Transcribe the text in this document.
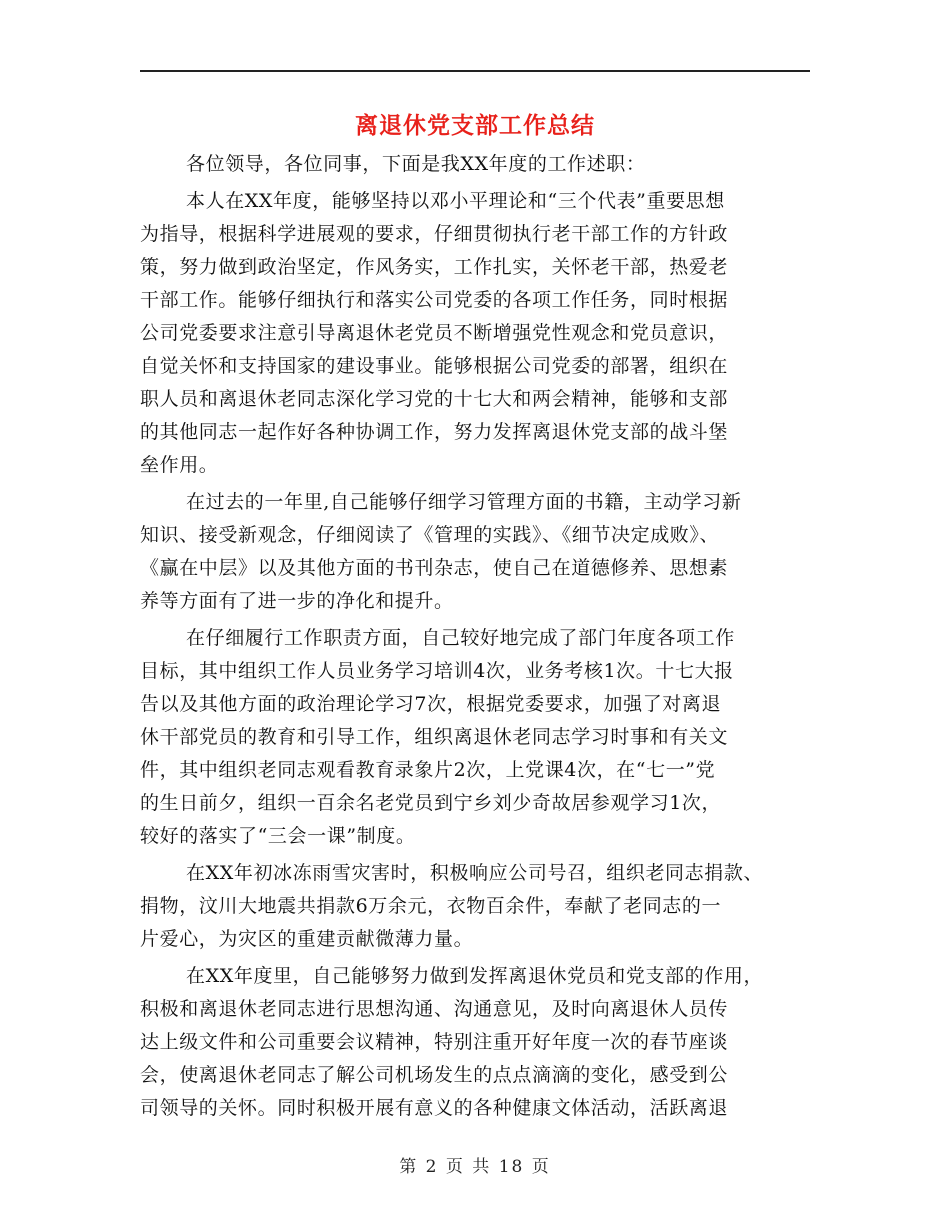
离退休党支部工作总结
各位领导，各位同事，下面是我XX年度的工作述职：
本人在XX年度，能够坚持以邓小平理论和“三个代表”重要思想
为指导，根据科学进展观的要求，仔细贯彻执行老干部工作的方针政
策，努力做到政治坚定，作风务实，工作扎实，关怀老干部，热爱老
干部工作。能够仔细执行和落实公司党委的各项工作任务，同时根据
公司党委要求注意引导离退休老党员不断增强党性观念和党员意识，
自觉关怀和支持国家的建设事业。能够根据公司党委的部署，组织在
职人员和离退休老同志深化学习党的十七大和两会精神，能够和支部
的其他同志一起作好各种协调工作，努力发挥离退休党支部的战斗堡
垒作用。
在过去的一年里,自己能够仔细学习管理方面的书籍，主动学习新
知识、接受新观念，仔细阅读了《管理的实践》、《细节决定成败》、
《赢在中层》以及其他方面的书刊杂志，使自己在道德修养、思想素
养等方面有了进一步的净化和提升。
在仔细履行工作职责方面，自己较好地完成了部门年度各项工作
目标，其中组织工作人员业务学习培训4次，业务考核1次。十七大报
告以及其他方面的政治理论学习7次，根据党委要求，加强了对离退
休干部党员的教育和引导工作，组织离退休老同志学习时事和有关文
件，其中组织老同志观看教育录象片2次，上党课4次，在“七一”党
的生日前夕，组织一百余名老党员到宁乡刘少奇故居参观学习1次，
较好的落实了“三会一课”制度。
在XX年初冰冻雨雪灾害时，积极响应公司号召，组织老同志捐款、
捐物，汶川大地震共捐款6万余元，衣物百余件，奉献了老同志的一
片爱心，为灾区的重建贡献微薄力量。
在XX年度里，自己能够努力做到发挥离退休党员和党支部的作用，
积极和离退休老同志进行思想沟通、沟通意见，及时向离退休人员传
达上级文件和公司重要会议精神，特别注重开好年度一次的春节座谈
会，使离退休老同志了解公司机场发生的点点滴滴的变化，感受到公
司领导的关怀。同时积极开展有意义的各种健康文体活动，活跃离退
第 2 页 共 18 页
